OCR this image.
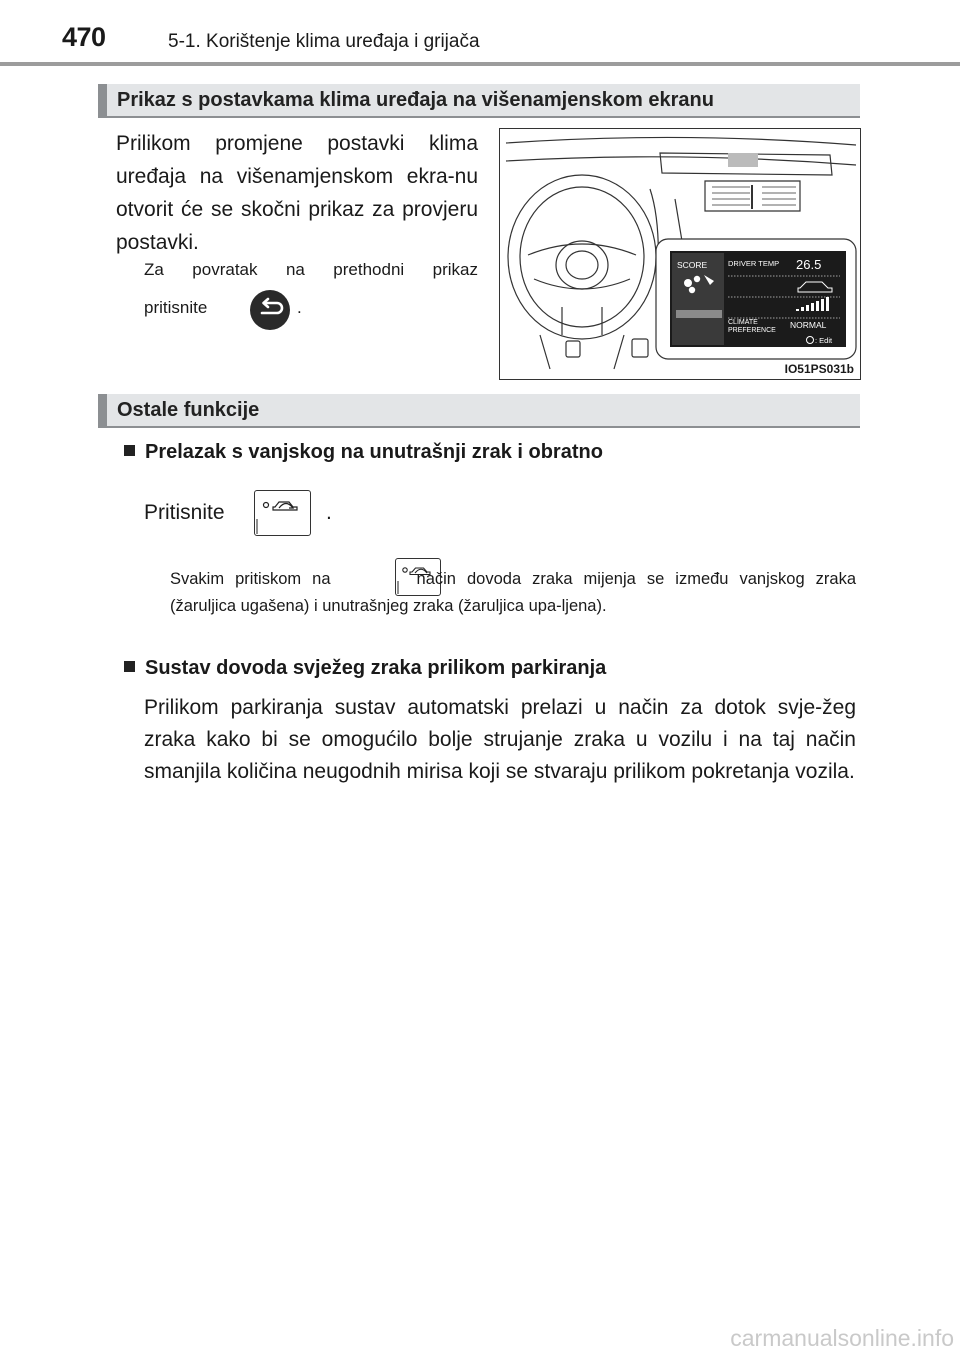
470	5-1. Korištenje klima uređaja i grijača
Prikaz s postavkama klima uređaja na višenamjenskom ekranu
Prilikom promjene postavki klima uređaja na višenamjenskom ekra-nu otvorit će se skočni prikaz za provjeru postavki.
Za povratak na prethodni prikaz
pritisnite	.
SCORE	DRIVER TEMP 26.5
CLIMATE
PREFERENCE
NORMAL
: Edit
IO51PS031b
Ostale funkcije
Prelazak s vanjskog na unutrašnji zrak i obratno
Pritisnite	.
Svakim pritiskom na	način dovoda zraka mijenja se između vanjskog zraka (žaruljica ugašena) i unutrašnjeg zraka (žaruljica upa-ljena).
Sustav dovoda svježeg zraka prilikom parkiranja
Prilikom parkiranja sustav automatski prelazi u način za dotok svje-žeg zraka kako bi se omogućilo bolje strujanje zraka u vozilu i na taj način smanjila količina neugodnih mirisa koji se stvaraju prilikom pokretanja vozila.
carmanualsonline.info
